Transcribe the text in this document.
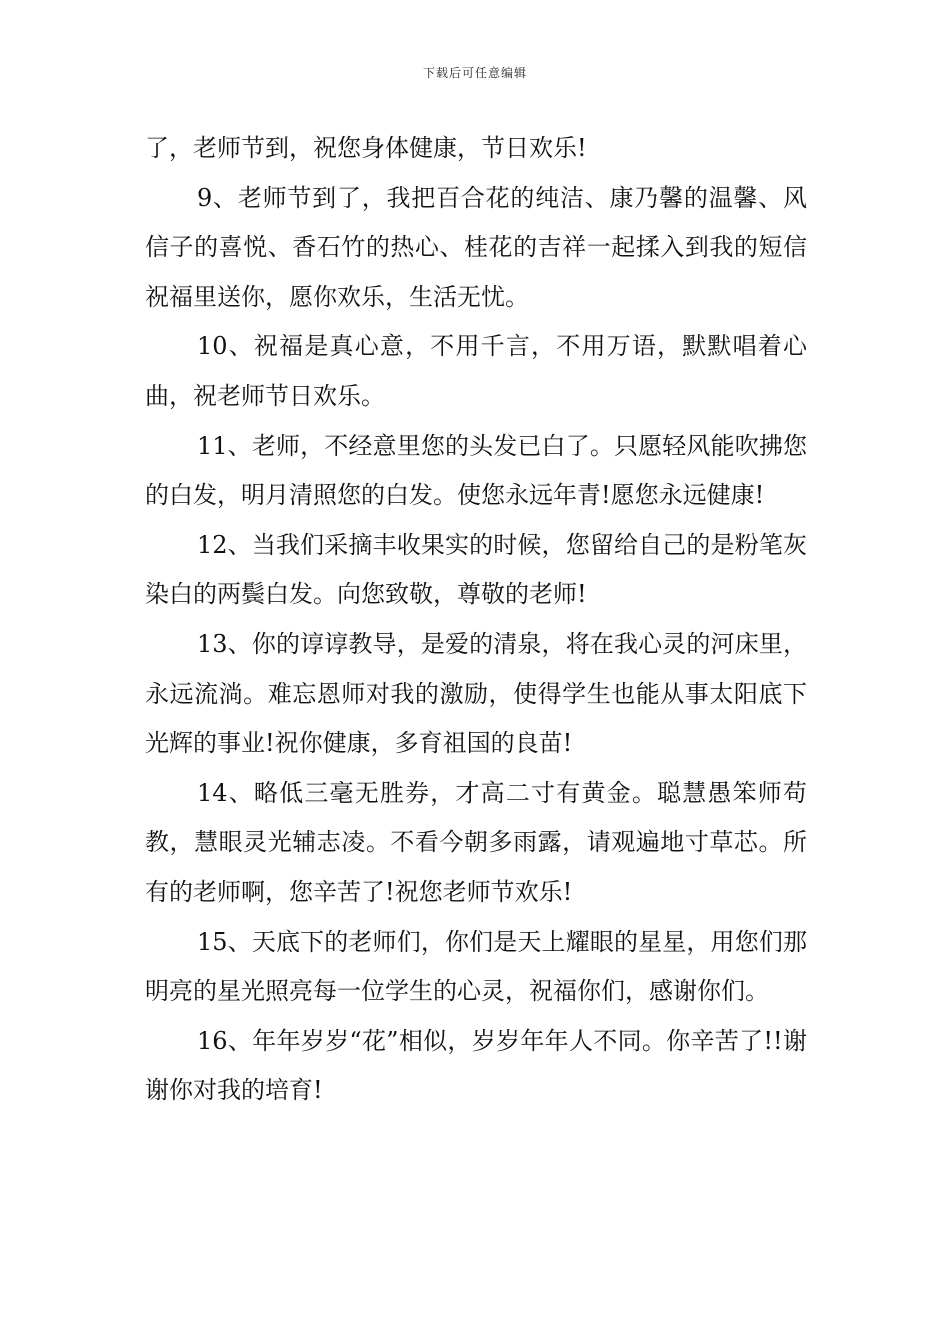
下载后可任意编辑

了，老师节到，祝您身体健康，节日欢乐!

9、老师节到了，我把百合花的纯洁、康乃馨的温馨、风信子的喜悦、香石竹的热心、桂花的吉祥一起揉入到我的短信祝福里送你，愿你欢乐，生活无忧。

10、祝福是真心意，不用千言，不用万语，默默唱着心曲，祝老师节日欢乐。

11、老师，不经意里您的头发已白了。只愿轻风能吹拂您的白发，明月清照您的白发。使您永远年青!愿您永远健康!

12、当我们采摘丰收果实的时候，您留给自己的是粉笔灰染白的两鬓白发。向您致敬，尊敬的老师!

13、你的谆谆教导，是爱的清泉，将在我心灵的河床里，永远流淌。难忘恩师对我的激励，使得学生也能从事太阳底下光辉的事业!祝你健康，多育祖国的良苗!

14、略低三毫无胜券，才高二寸有黄金。聪慧愚笨师苟教，慧眼灵光辅志凌。不看今朝多雨露，请观遍地寸草芯。所有的老师啊，您辛苦了!祝您老师节欢乐!

15、天底下的老师们，你们是天上耀眼的星星，用您们那明亮的星光照亮每一位学生的心灵，祝福你们，感谢你们。

16、年年岁岁“花”相似，岁岁年年人不同。你辛苦了!!谢谢你对我的培育!
